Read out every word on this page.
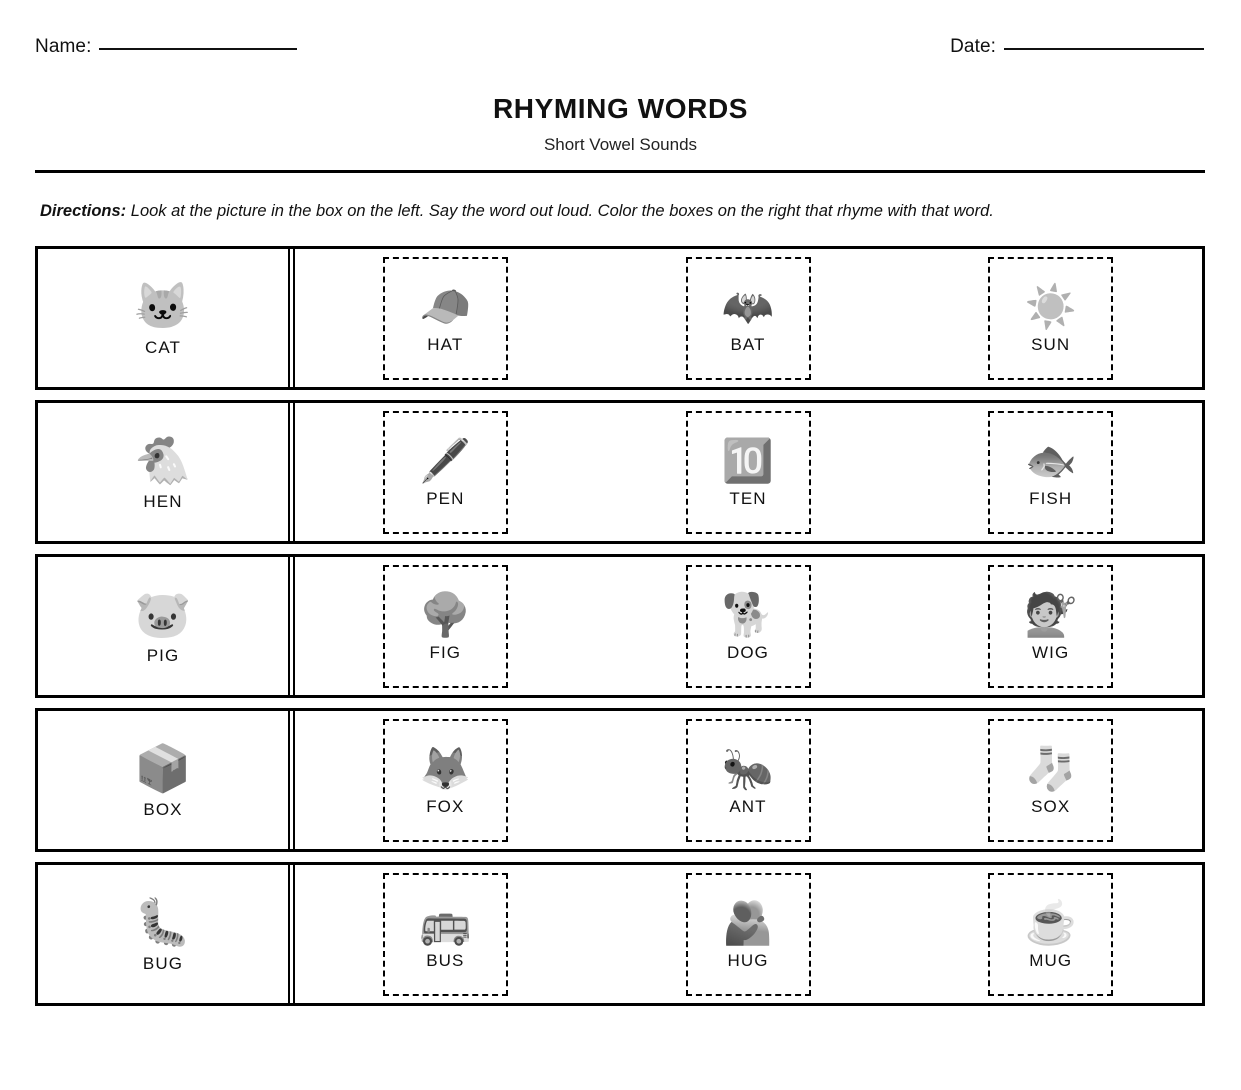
Name:	Date:
RHYMING WORDS
Short Vowel Sounds
Directions: Look at the picture in the box on the left. Say the word out loud. Color the boxes on the right that rhyme with that word.
🐱
CAT
🧢
HAT
🦇
BAT
☀️
SUN
🐔
HEN
🖋️
PEN
🔟
TEN
🐟
FISH
🐷
PIG
🌳
FIG
🐕
DOG
💇
WIG
📦
BOX
🦊
FOX
🐜
ANT
🧦
SOX
🐛
BUG
🚌
BUS
🫂
HUG
☕
MUG
